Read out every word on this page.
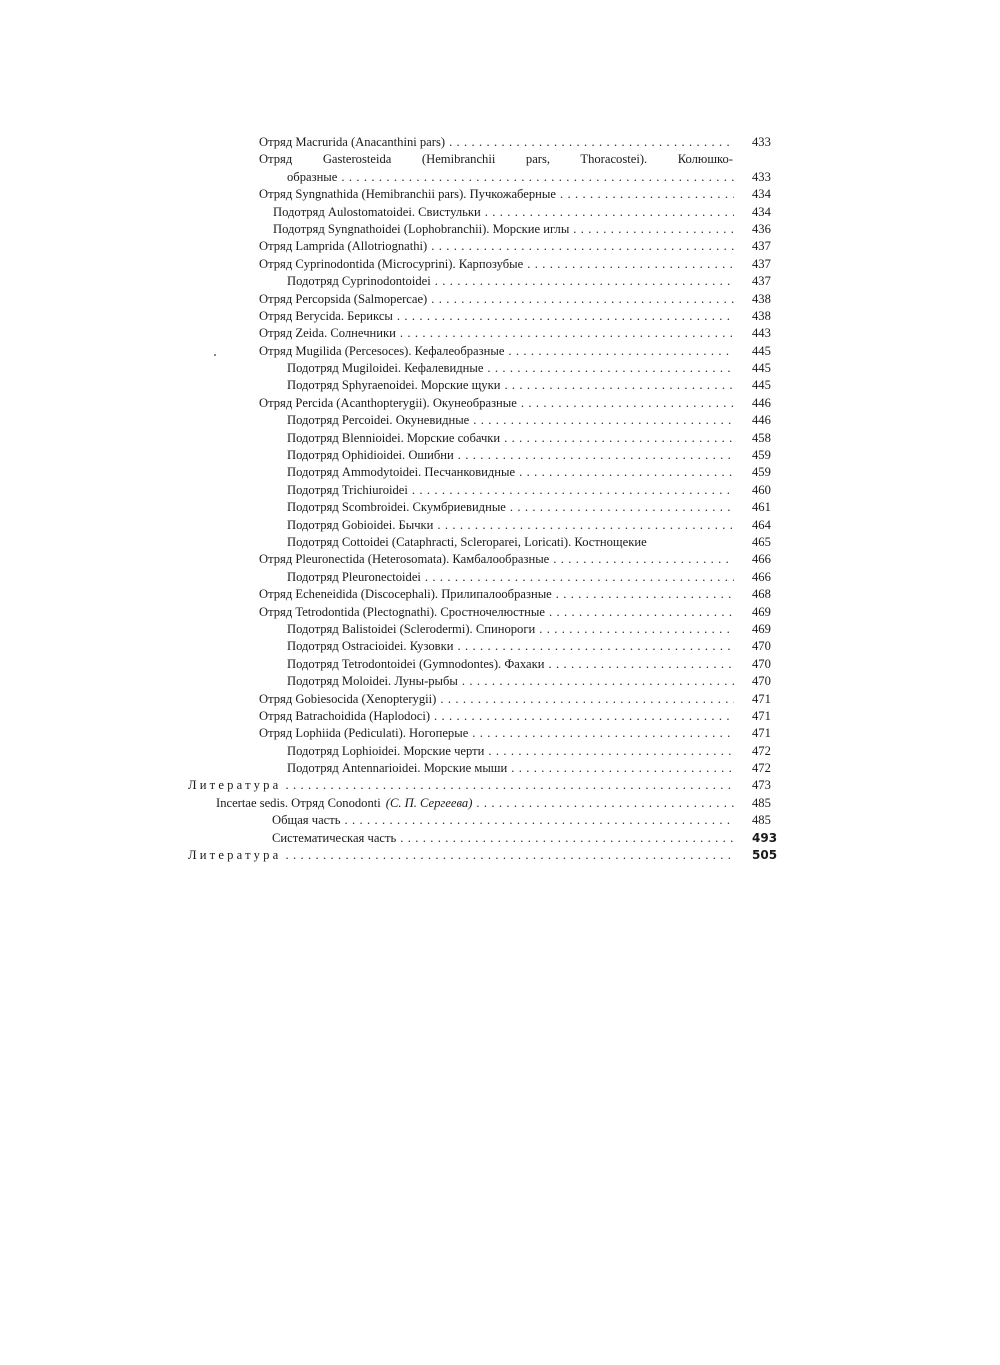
Отряд Macrurida (Anacanthini pars) . . .	433
Отряд Gasterosteida (Hemibranchii pars, Thoracostei). Колюшко-
образные . . .	433
Отряд Syngnathida (Hemibranchii pars). Пучкожаберные . . .	434
Подотряд Aulostomatoidei. Свистульки . . .	434
Подотряд Syngnathoidei (Lophobranchii). Морские иглы . . .	436
Отряд Lamprida (Allotriognathi) . . .	437
Отряд Cyprinodontida (Microcyprini). Карпозубые . . .	437
Подотряд Cyprinodontoidei . . .	437
Отряд Percopsida (Salmopercae) . . .	438
Отряд Berycida. Бериксы . . .	438
Отряд Zeida. Солнечники . . .	443
Отряд Mugilida (Percesoces). Кефалеобразные . . .	445
Подотряд Mugiloidei. Кефалевидные . . .	445
Подотряд Sphyraenoidei. Морские щуки . . .	445
Отряд Percida (Acanthopterygii). Окунеобразные . . .	446
Подотряд Percoidei. Окуневидные . . .	446
Подотряд Blennioidei. Морские собачки . . .	458
Подотряд Ophidioidei. Ошибни . . .	459
Подотряд Ammodytoidei. Песчанковидные . . .	459
Подотряд Trichiuroidei . . .	460
Подотряд Scombroidei. Скумбриевидные . . .	461
Подотряд Gobioidei. Бычки . . .	464
Подотряд Cottoidei (Cataphracti, Scleroparei, Loricati). Костнощекие	465
Отряд Pleuronectida (Heterosomata). Камбалообразные . . .	466
Подотряд Pleuronectoidei . . .	466
Отряд Echeneidida (Discocephali). Прилипалообразные . . .	468
Отряд Tetrodontida (Plectognathi). Сростночелюстные . . .	469
Подотряд Balistoidei (Sclerodermi). Спинороги . . .	469
Подотряд Ostracioidei. Кузовки . . .	470
Подотряд Tetrodontoidei (Gymnodontes). Фахаки . . .	470
Подотряд Moloidei. Луны-рыбы . . .	470
Отряд Gobiesocida (Xenopterygii) . . .	471
Отряд Batrachoidida (Haplodoci) . . .	471
Отряд Lophiida (Pediculati). Ногоперые . . .	471
Подотряд Lophioidei. Морские черти . . .	472
Подотряд Antennarioidei. Морские мыши . . .	472
Литература . . .	473
Incertae sedis. Отряд Conodonti (С. П. Сергеева) . . .	485
Общая часть . . .	485
Систематическая часть . . .	493
Литература . . .	505
